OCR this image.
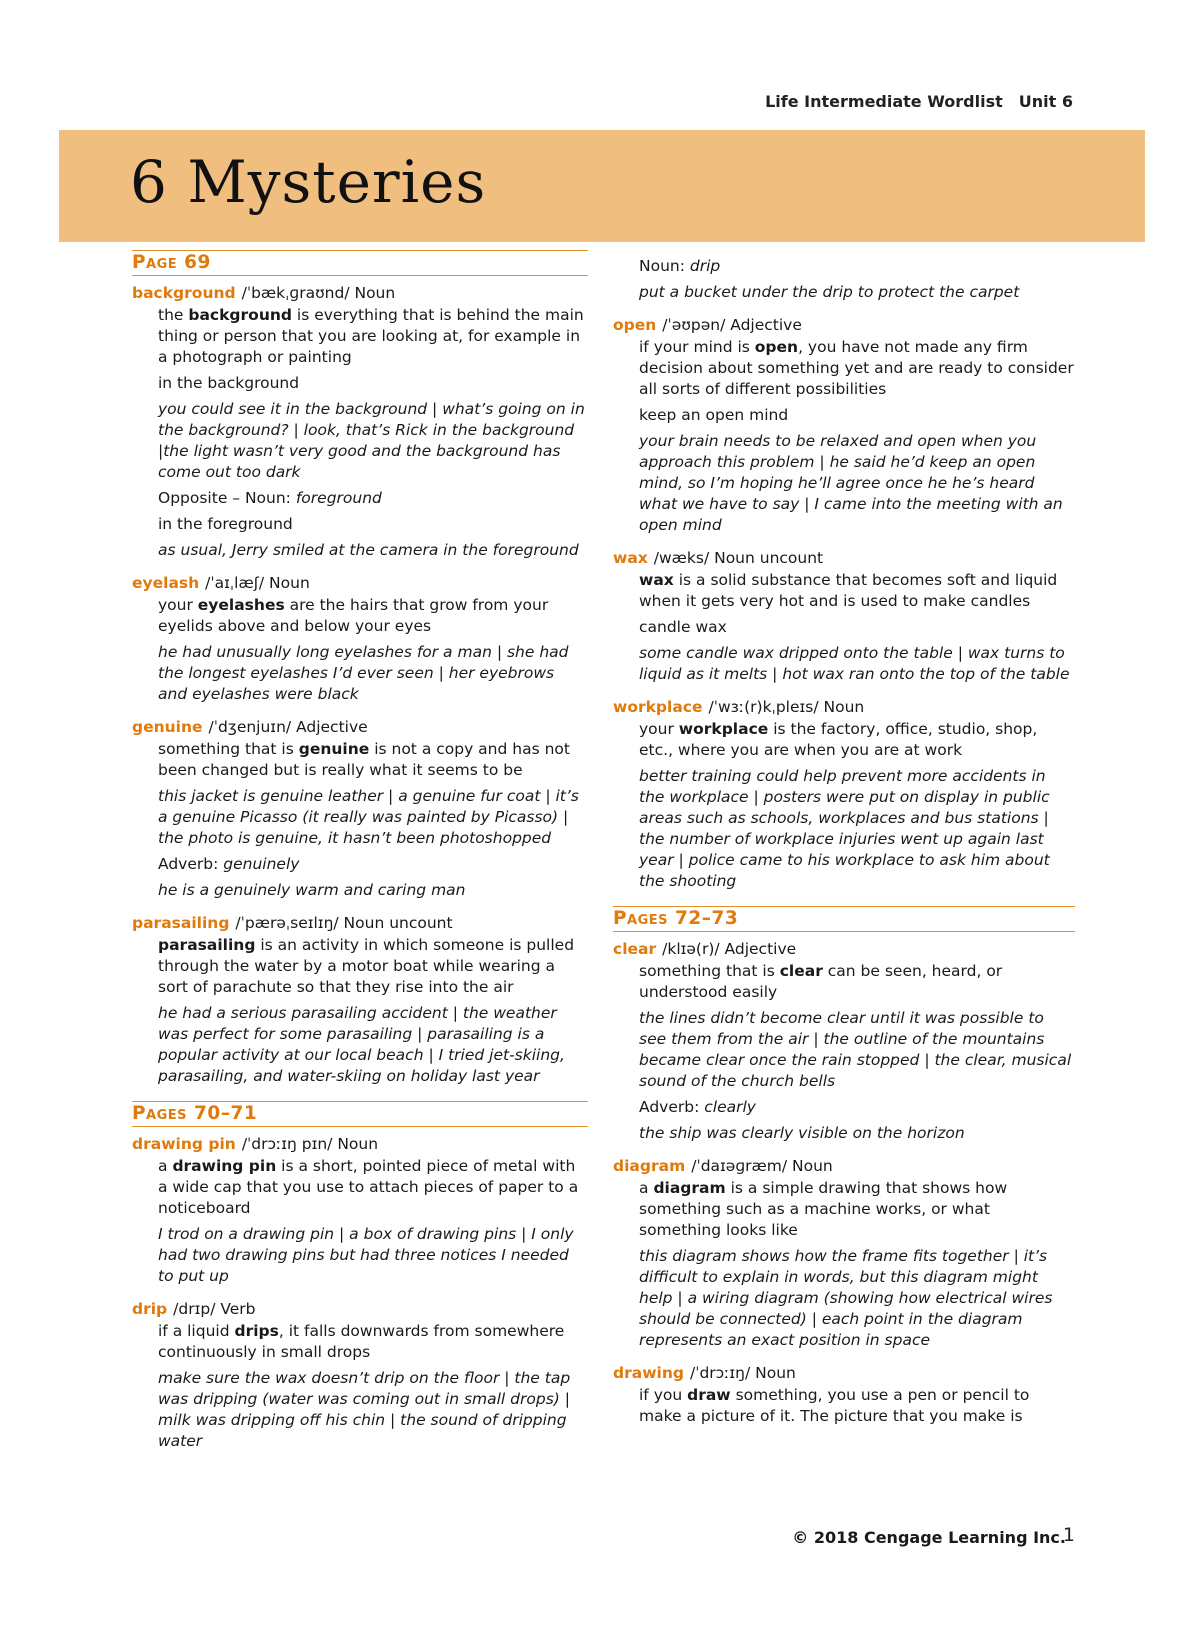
Life Intermediate Wordlist Unit 6
6 Mysteries
Page 69
background /ˈbækˌɡraʊnd/ Noun

the background is everything that is behind the main thing or person that you are looking at, for example in a photograph or painting

in the background

you could see it in the background | what’s going on in the background? | look, that’s Rick in the background |the light wasn’t very good and the background has come out too dark

Opposite – Noun: foreground

in the foreground

as usual, Jerry smiled at the camera in the foreground

eyelash /ˈaɪˌlæʃ/ Noun

your eyelashes are the hairs that grow from your eyelids above and below your eyes

he had unusually long eyelashes for a man | she had the longest eyelashes I’d ever seen | her eyebrows and eyelashes were black

genuine /ˈdʒenjuɪn/ Adjective

something that is genuine is not a copy and has not been changed but is really what it seems to be

this jacket is genuine leather | a genuine fur coat | it’s a genuine Picasso (it really was painted by Picasso) | the photo is genuine, it hasn’t been photoshopped

Adverb: genuinely

he is a genuinely warm and caring man

parasailing /ˈpærəˌseɪlɪŋ/ Noun uncount

parasailing is an activity in which someone is pulled through the water by a motor boat while wearing a sort of parachute so that they rise into the air

he had a serious parasailing accident | the weather was perfect for some parasailing | parasailing is a popular activity at our local beach | I tried jet-skiing, parasailing, and water-skiing on holiday last year

Pages 70–71
drawing pin /ˈdrɔːɪŋ pɪn/ Noun

a drawing pin is a short, pointed piece of metal with a wide cap that you use to attach pieces of paper to a noticeboard

I trod on a drawing pin | a box of drawing pins | I only had two drawing pins but had three notices I needed to put up

drip /drɪp/ Verb

if a liquid drips, it falls downwards from somewhere continuously in small drops

make sure the wax doesn’t drip on the floor | the tap was dripping (water was coming out in small drops) | milk was dripping off his chin | the sound of dripping water

Noun: drip

put a bucket under the drip to protect the carpet

open /ˈəʊpən/ Adjective

if your mind is open, you have not made any firm decision about something yet and are ready to consider all sorts of different possibilities

keep an open mind

your brain needs to be relaxed and open when you approach this problem | he said he’d keep an open mind, so I’m hoping he’ll agree once he he’s heard what we have to say | I came into the meeting with an open mind

wax /wæks/ Noun uncount

wax is a solid substance that becomes soft and liquid when it gets very hot and is used to make candles

candle wax

some candle wax dripped onto the table | wax turns to liquid as it melts | hot wax ran onto the top of the table

workplace /ˈwɜː(r)kˌpleɪs/ Noun

your workplace is the factory, office, studio, shop, etc., where you are when you are at work

better training could help prevent more accidents in the workplace | posters were put on display in public areas such as schools, workplaces and bus stations | the number of workplace injuries went up again last year | police came to his workplace to ask him about the shooting

Pages 72–73
clear /klɪə(r)/ Adjective

something that is clear can be seen, heard, or understood easily

the lines didn’t become clear until it was possible to see them from the air | the outline of the mountains became clear once the rain stopped | the clear, musical sound of the church bells

Adverb: clearly

the ship was clearly visible on the horizon

diagram /ˈdaɪəɡræm/ Noun

a diagram is a simple drawing that shows how something such as a machine works, or what something looks like

this diagram shows how the frame fits together | it’s difficult to explain in words, but this diagram might help | a wiring diagram (showing how electrical wires should be connected) | each point in the diagram represents an exact position in space

drawing /ˈdrɔːɪŋ/ Noun

if you draw something, you use a pen or pencil to make a picture of it. The picture that you make is

© 2018 Cengage Learning Inc.
1
